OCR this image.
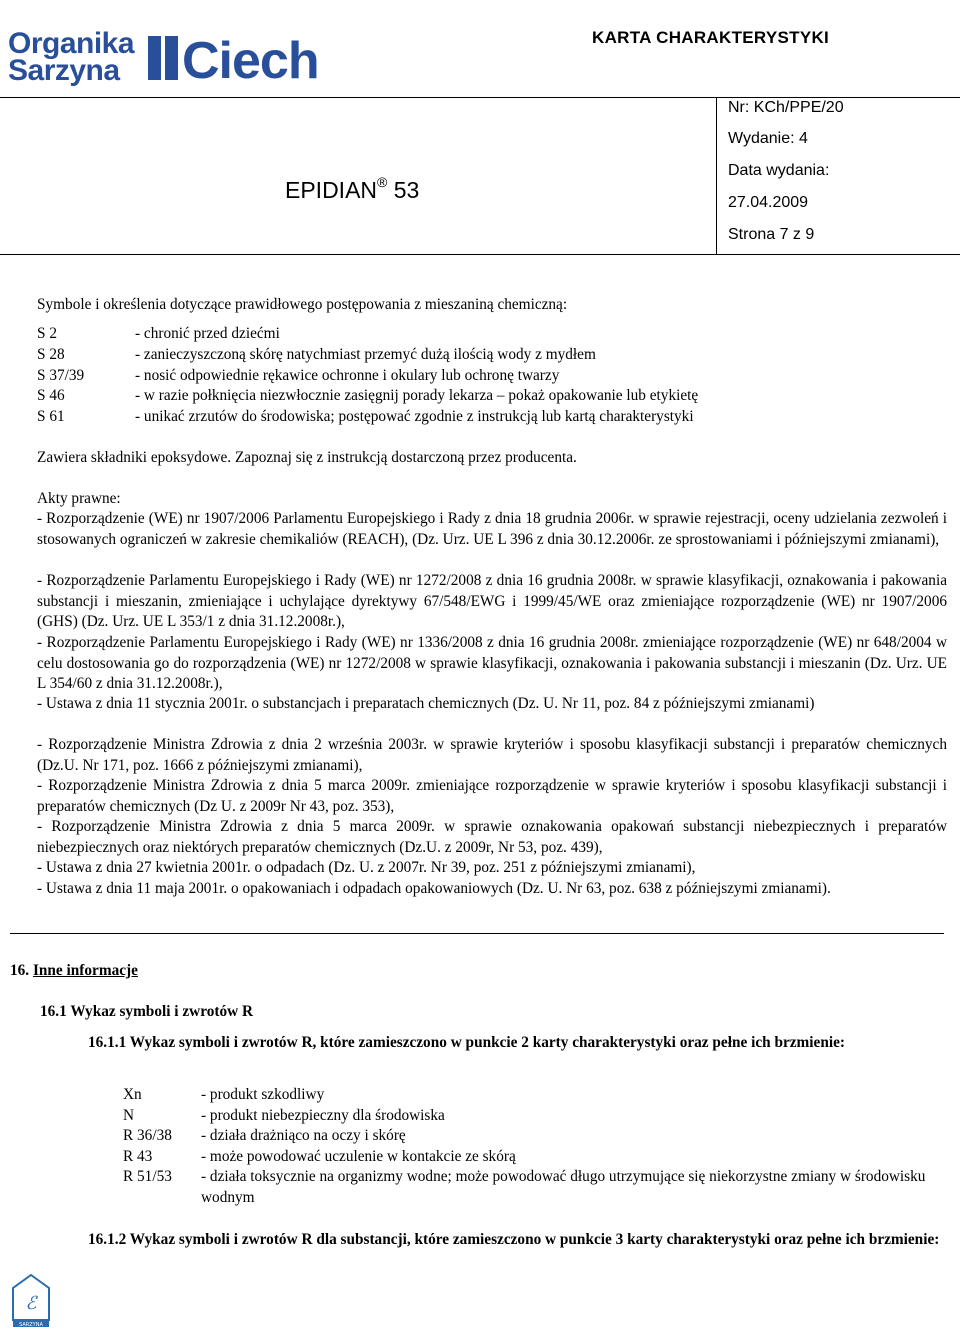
Organika
Sarzyna Ciech	KARTA CHARAKTERYSTYKI
EPIDIAN® 53
Nr: KCh/PPE/20
Wydanie: 4
Data wydania:
27.04.2009
Strona 7 z 9
Symbole i określenia dotyczące prawidłowego postępowania z mieszaniną chemiczną:
S 2	- chronić przed dziećmi
S 28	- zanieczyszczoną skórę natychmiast przemyć dużą ilością wody z mydłem
S 37/39	- nosić odpowiednie rękawice ochronne i okulary lub ochronę twarzy
S 46	- w razie połknięcia niezwłocznie zasięgnij porady lekarza – pokaż opakowanie lub etykietę
S 61	- unikać zrzutów do środowiska; postępować zgodnie z instrukcją lub kartą charakterystyki
Zawiera składniki epoksydowe. Zapoznaj się z instrukcją dostarczoną przez producenta.
Akty prawne:
- Rozporządzenie (WE) nr 1907/2006 Parlamentu Europejskiego i Rady z dnia 18 grudnia 2006r. w sprawie rejestracji, oceny udzielania zezwoleń i stosowanych ograniczeń w zakresie chemikaliów (REACH), (Dz. Urz. UE L 396 z dnia 30.12.2006r. ze sprostowaniami i późniejszymi zmianami),
- Rozporządzenie Parlamentu Europejskiego i Rady (WE) nr 1272/2008 z dnia 16 grudnia 2008r. w sprawie klasyfikacji, oznakowania i pakowania substancji i mieszanin, zmieniające i uchylające dyrektywy 67/548/EWG i 1999/45/WE oraz zmieniające rozporządzenie (WE) nr 1907/2006 (GHS) (Dz. Urz. UE L 353/1 z dnia 31.12.2008r.),
- Rozporządzenie Parlamentu Europejskiego i Rady (WE) nr 1336/2008 z dnia 16 grudnia 2008r. zmieniające rozporządzenie (WE) nr 648/2004 w celu dostosowania go do rozporządzenia (WE) nr 1272/2008 w sprawie klasyfikacji, oznakowania i pakowania substancji i mieszanin (Dz. Urz. UE L 354/60 z dnia 31.12.2008r.),
- Ustawa z dnia 11 stycznia 2001r. o substancjach i preparatach chemicznych (Dz. U. Nr 11, poz. 84 z późniejszymi zmianami)
- Rozporządzenie Ministra Zdrowia z dnia 2 września 2003r. w sprawie kryteriów i sposobu klasyfikacji substancji i preparatów chemicznych (Dz.U. Nr 171, poz. 1666 z późniejszymi zmianami),
- Rozporządzenie Ministra Zdrowia z dnia 5 marca 2009r. zmieniające rozporządzenie w sprawie kryteriów i sposobu klasyfikacji substancji i preparatów chemicznych (Dz U. z 2009r Nr 43, poz. 353),
- Rozporządzenie Ministra Zdrowia z dnia 5 marca 2009r. w sprawie oznakowania opakowań substancji niebezpiecznych i preparatów niebezpiecznych oraz niektórych preparatów chemicznych (Dz.U. z 2009r, Nr 53, poz. 439),
- Ustawa z dnia 27 kwietnia 2001r. o odpadach (Dz. U. z 2007r. Nr 39, poz. 251 z późniejszymi zmianami),
- Ustawa z dnia 11 maja 2001r. o opakowaniach i odpadach opakowaniowych (Dz. U. Nr 63, poz. 638 z późniejszymi zmianami).
16. Inne informacje
16.1 Wykaz symboli i zwrotów R
16.1.1 Wykaz symboli i zwrotów R, które zamieszczono w punkcie 2 karty charakterystyki oraz pełne ich brzmienie:
Xn	- produkt szkodliwy
N	- produkt niebezpieczny dla środowiska
R 36/38	- działa drażniąco na oczy i skórę
R 43	- może powodować uczulenie w kontakcie ze skórą
R 51/53	- działa toksycznie na organizmy wodne; może powodować długo utrzymujące się niekorzystne zmiany w środowisku wodnym
16.1.2 Wykaz symboli i zwrotów R dla substancji, które zamieszczono w punkcie 3 karty charakterystyki oraz pełne ich brzmienie:
ℰ
SARZYNA
